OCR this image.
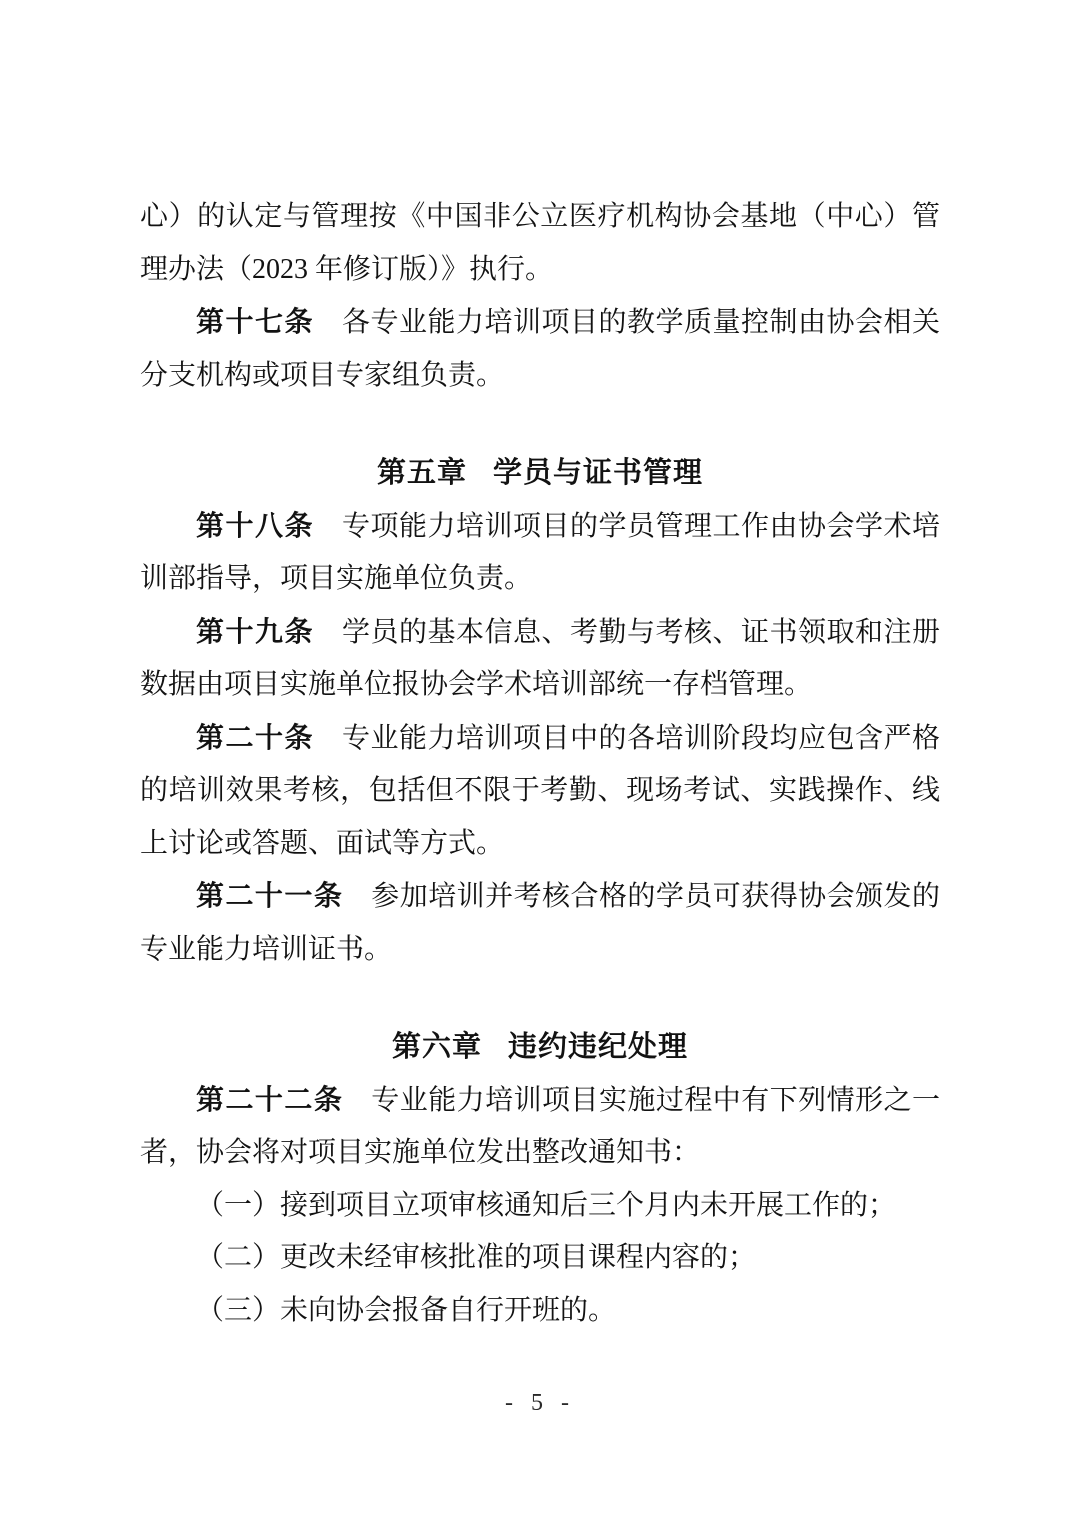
心）的认定与管理按《中国非公立医疗机构协会基地（中心）管理办法（2023 年修订版）》执行。

第十七条 各专业能力培训项目的教学质量控制由协会相关分支机构或项目专家组负责。

第五章 学员与证书管理

第十八条 专项能力培训项目的学员管理工作由协会学术培训部指导，项目实施单位负责。

第十九条 学员的基本信息、考勤与考核、证书领取和注册数据由项目实施单位报协会学术培训部统一存档管理。

第二十条 专业能力培训项目中的各培训阶段均应包含严格的培训效果考核，包括但不限于考勤、现场考试、实践操作、线上讨论或答题、面试等方式。

第二十一条 参加培训并考核合格的学员可获得协会颁发的专业能力培训证书。

第六章 违约违纪处理

第二十二条 专业能力培训项目实施过程中有下列情形之一者，协会将对项目实施单位发出整改通知书：

（一）接到项目立项审核通知后三个月内未开展工作的；

（二）更改未经审核批准的项目课程内容的；

（三）未向协会报备自行开班的。

- 5 -
